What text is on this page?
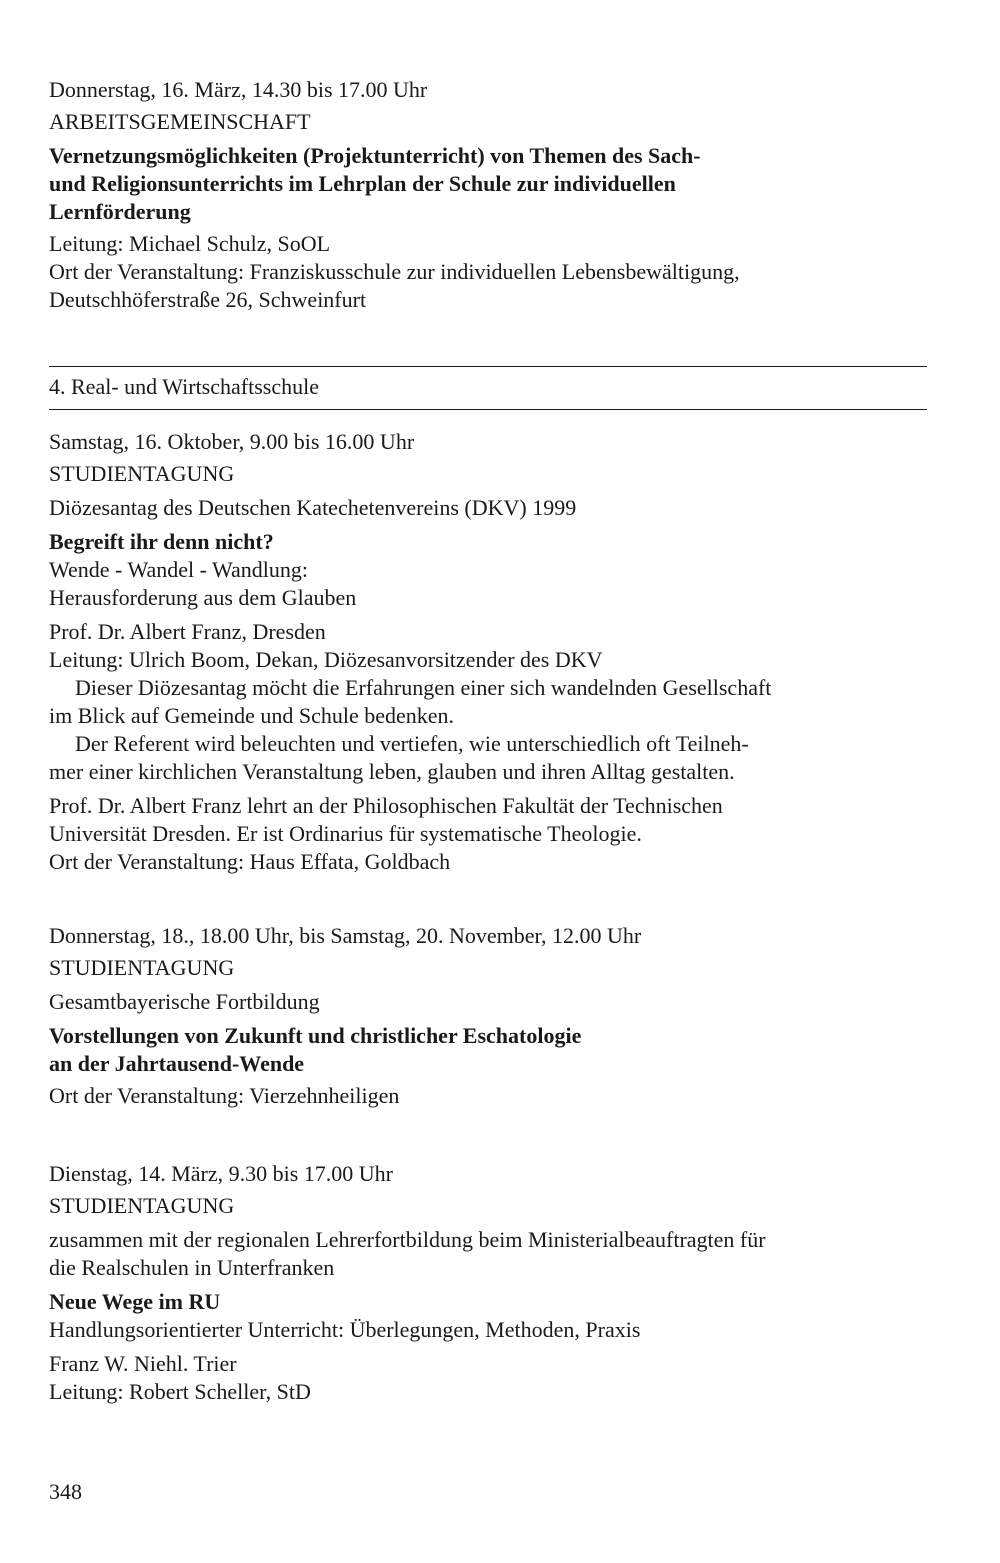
Donnerstag, 16. März, 14.30 bis 17.00 Uhr
ARBEITSGEMEINSCHAFT
Vernetzungsmöglichkeiten (Projektunterricht) von Themen des Sach-
und Religionsunterrichts im Lehrplan der Schule zur individuellen
Lernförderung
Leitung: Michael Schulz, SoOL
Ort der Veranstaltung: Franziskusschule zur individuellen Lebensbewältigung,
Deutschhöferstraße 26, Schweinfurt
4. Real- und Wirtschaftsschule
Samstag, 16. Oktober, 9.00 bis 16.00 Uhr
STUDIENTAGUNG
Diözesantag des Deutschen Katechetenvereins (DKV) 1999
Begreift ihr denn nicht?
Wende - Wandel - Wandlung:
Herausforderung aus dem Glauben
Prof. Dr. Albert Franz, Dresden
Leitung: Ulrich Boom, Dekan, Diözesanvorsitzender des DKV
Dieser Diözesantag möcht die Erfahrungen einer sich wandelnden Gesellschaft
im Blick auf Gemeinde und Schule bedenken.
Der Referent wird beleuchten und vertiefen, wie unterschiedlich oft Teilneh-
mer einer kirchlichen Veranstaltung leben, glauben und ihren Alltag gestalten.
Prof. Dr. Albert Franz lehrt an der Philosophischen Fakultät der Technischen
Universität Dresden. Er ist Ordinarius für systematische Theologie.
Ort der Veranstaltung: Haus Effata, Goldbach
Donnerstag, 18., 18.00 Uhr, bis Samstag, 20. November, 12.00 Uhr
STUDIENTAGUNG
Gesamtbayerische Fortbildung
Vorstellungen von Zukunft und christlicher Eschatologie
an der Jahrtausend-Wende
Ort der Veranstaltung: Vierzehnheiligen
Dienstag, 14. März, 9.30 bis 17.00 Uhr
STUDIENTAGUNG
zusammen mit der regionalen Lehrerfortbildung beim Ministerialbeauftragten für
die Realschulen in Unterfranken
Neue Wege im RU
Handlungsorientierter Unterricht: Überlegungen, Methoden, Praxis
Franz W. Niehl. Trier
Leitung: Robert Scheller, StD
348
